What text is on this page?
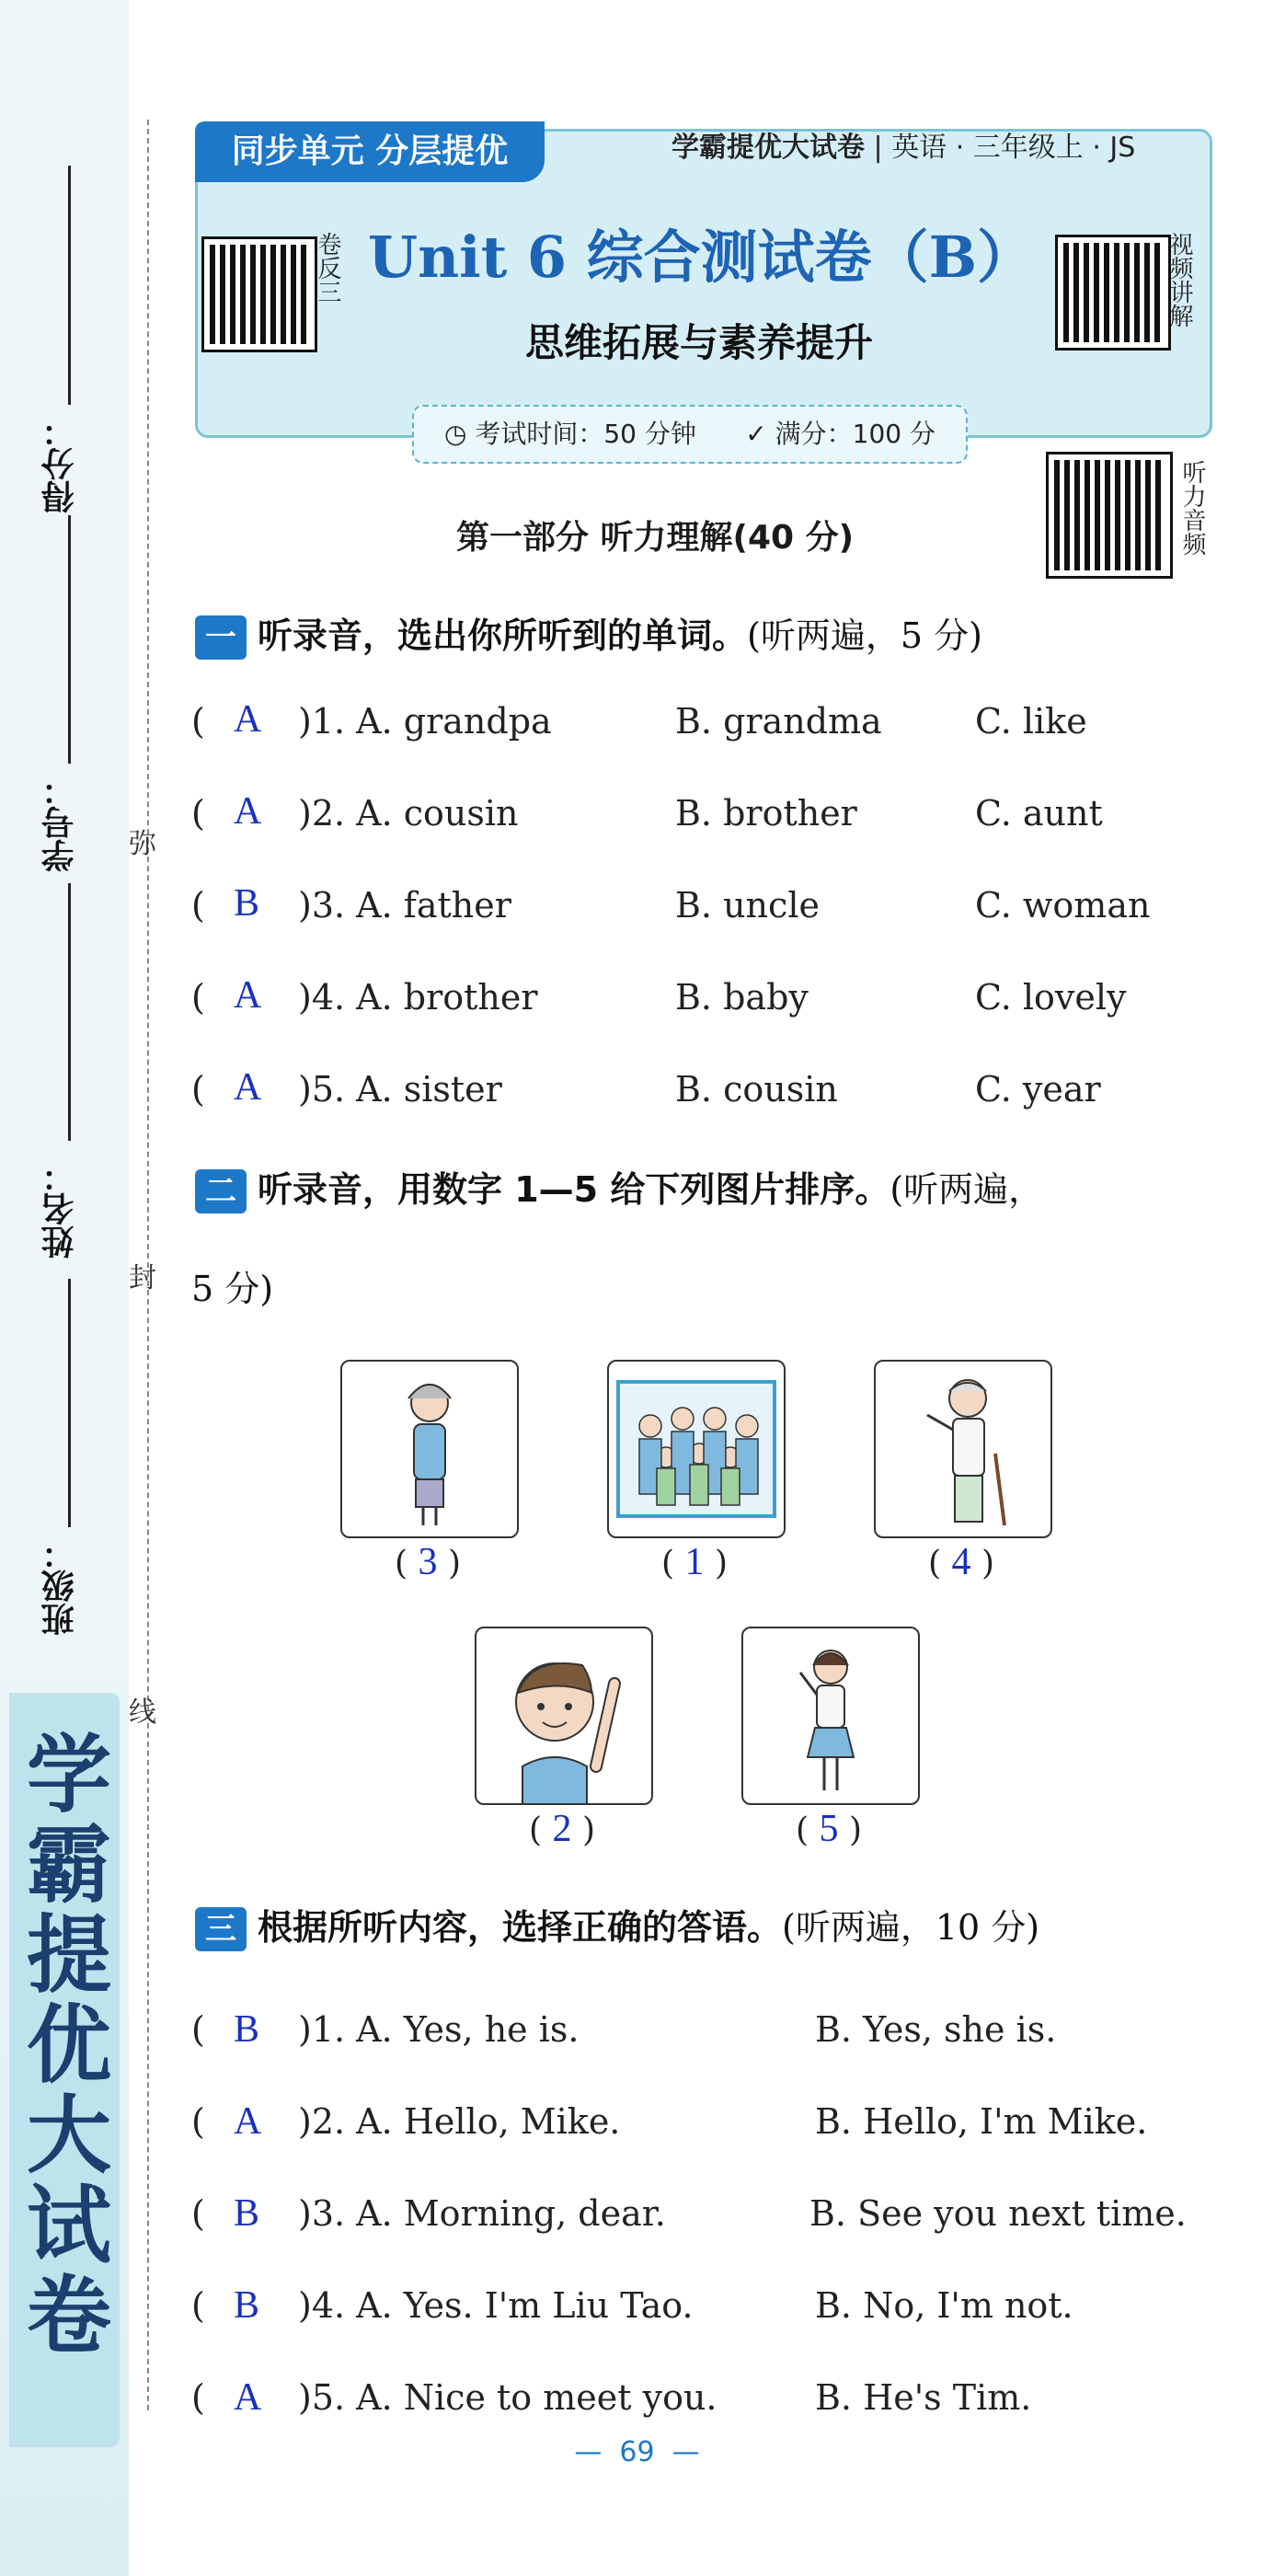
学霸提优大试卷
得分：
学号：
姓名：
班级：
弥
封
线
同步单元 分层提优	学霸提优大试卷 | 英语 · 三年级上 · JS
卷反三 Unit 6 综合测试卷（B）
思维拓展与素养提升
视频讲解
◷ 考试时间：50 分钟 ✓ 满分：100 分
听力音频
第一部分 听力理解(40 分)
一 听录音，选出你所听到的单词。(听两遍，5 分)
( A )1. A. grandpa	B. grandma	C. like
( A )2. A. cousin	B. brother	C. aunt
( B )3. A. father	B. uncle	C. woman
( A )4. A. brother	B. baby	C. lovely
( A )5. A. sister	B. cousin	C. year
二 听录音，用数字 1—5 给下列图片排序。(听两遍，
5 分)
( 3 )	( 1 )	( 4 )
( 2 )	( 5 )
三 根据所听内容，选择正确的答语。(听两遍，10 分)
( B )1. A. Yes, he is.	B. Yes, she is.
( A )2. A. Hello, Mike.	B. Hello, I'm Mike.
( B )3. A. Morning, dear.	B. See you next time.
( B )4. A. Yes. I'm Liu Tao.	B. No, I'm not.
( A )5. A. Nice to meet you.	B. He's Tim.
—  69  —
